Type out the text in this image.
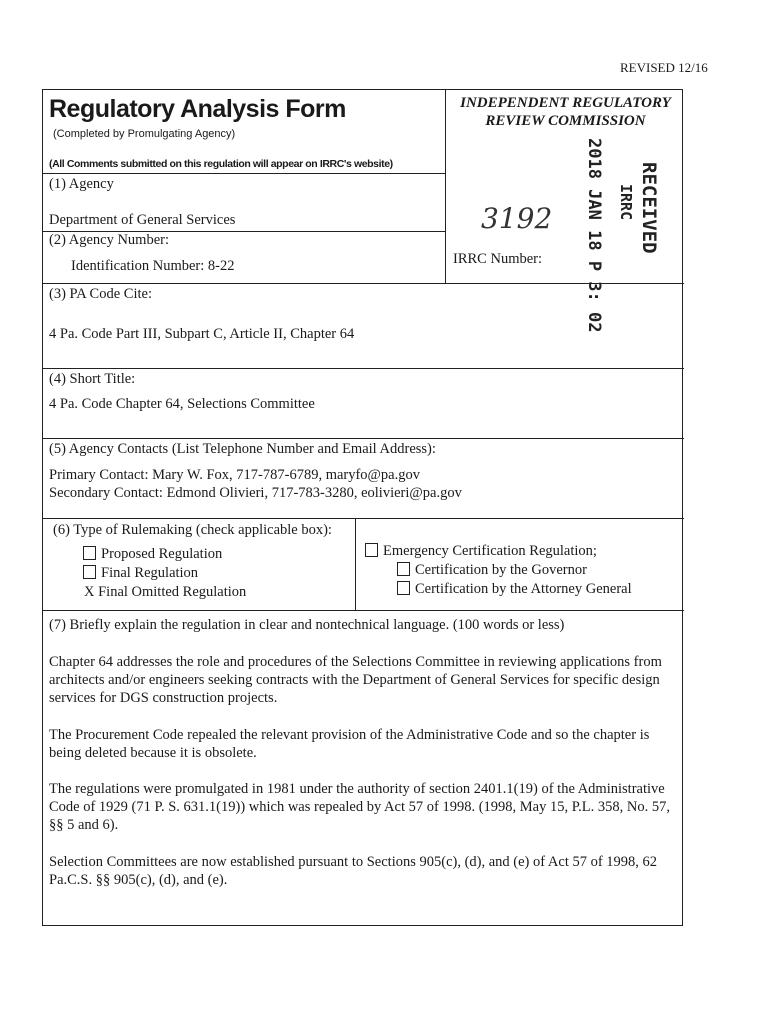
REVISED 12/16
Regulatory Analysis Form
(Completed by Promulgating Agency)
(All Comments submitted on this regulation will appear on IRRC's website)
INDEPENDENT REGULATORY
REVIEW COMMISSION
3192
IRRC Number: 2018 JAN 18 P 3: 02 RECEIVED
IRRC
(1) Agency
Department of General Services
(2) Agency Number:
Identification Number: 8-22
(3) PA Code Cite:
4 Pa. Code Part III, Subpart C, Article II, Chapter 64
(4) Short Title:
4 Pa. Code Chapter 64, Selections Committee
(5) Agency Contacts (List Telephone Number and Email Address):
Primary Contact: Mary W. Fox, 717-787-6789, maryfo@pa.gov
Secondary Contact: Edmond Olivieri, 717-783-3280, eolivieri@pa.gov
(6) Type of Rulemaking (check applicable box):
Proposed Regulation
Final Regulation
X Final Omitted Regulation
Emergency Certification Regulation;
Certification by the Governor
Certification by the Attorney General
(7) Briefly explain the regulation in clear and nontechnical language. (100 words or less)
Chapter 64 addresses the role and procedures of the Selections Committee in reviewing applications from architects and/or engineers seeking contracts with the Department of General Services for specific design services for DGS construction projects.
The Procurement Code repealed the relevant provision of the Administrative Code and so the chapter is being deleted because it is obsolete.
The regulations were promulgated in 1981 under the authority of section 2401.1(19) of the Administrative Code of 1929 (71 P. S. 631.1(19)) which was repealed by Act 57 of 1998. (1998, May 15, P.L. 358, No. 57, §§ 5 and 6).
Selection Committees are now established pursuant to Sections 905(c), (d), and (e) of Act 57 of 1998, 62 Pa.C.S. §§ 905(c), (d), and (e).
